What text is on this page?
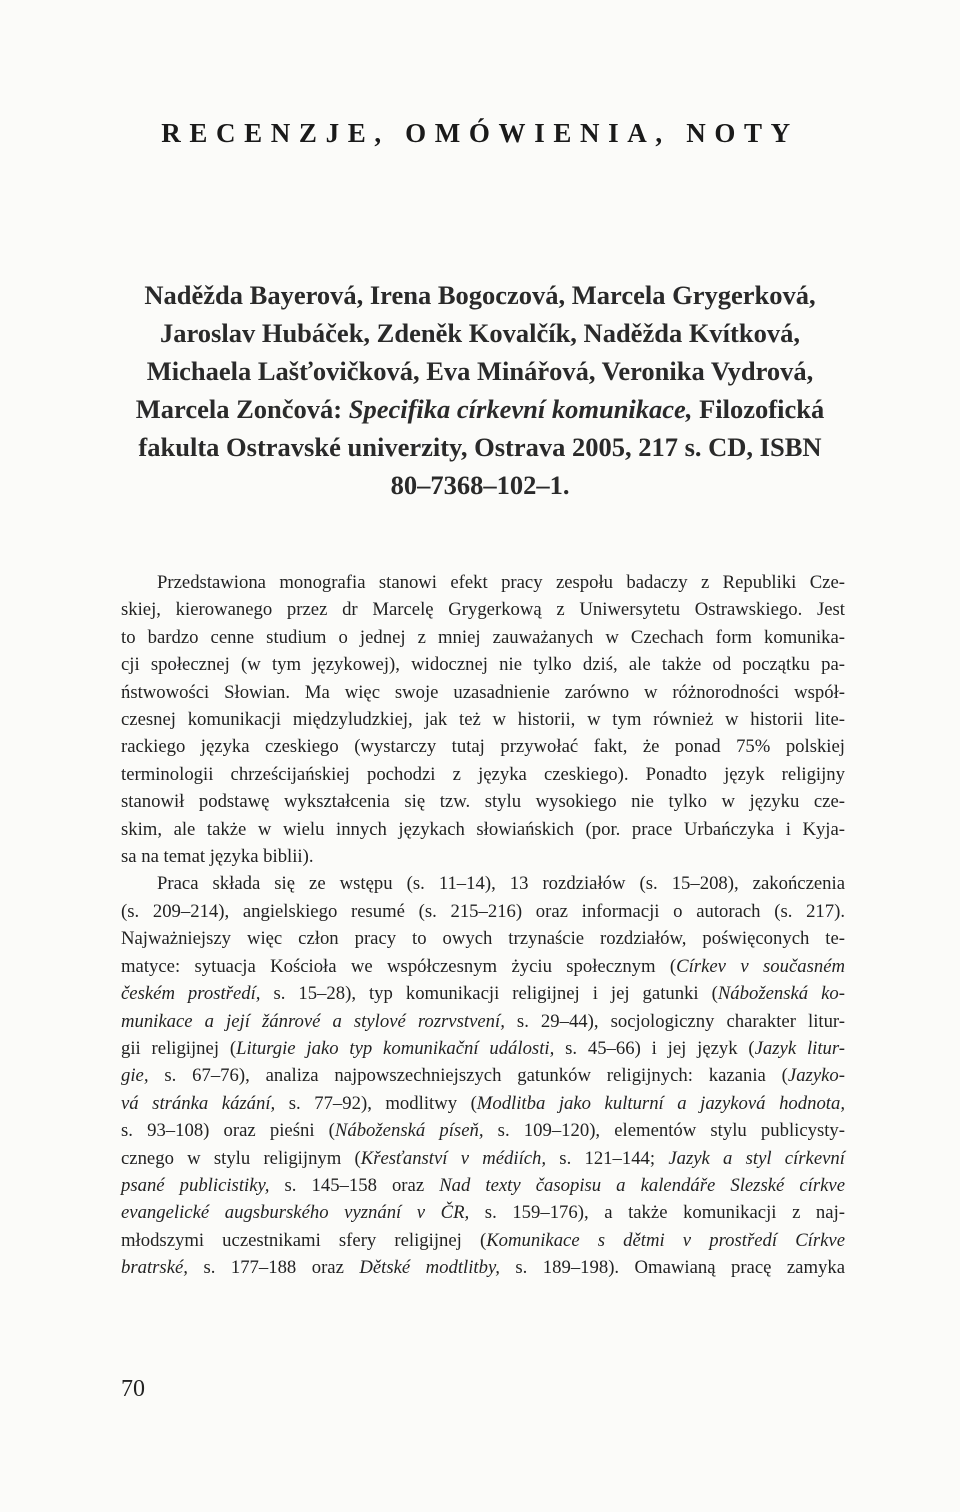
RECENZJE, OMÓWIENIA, NOTY
Naděžda Bayerová, Irena Bogoczová, Marcela Grygerková,
Jaroslav Hubáček, Zdeněk Kovalčík, Naděžda Kvítková,
Michaela Lašťovičková, Eva Minářová, Veronika Vydrová,
Marcela Zončová: Specifika církevní komunikace, Filozofická
fakulta Ostravské univerzity, Ostrava 2005, 217 s. CD, ISBN
80–7368–102–1.

Przedstawiona monografia stanowi efekt pracy zespołu badaczy z Republiki Cze-
skiej, kierowanego przez dr Marcelę Grygerkową z Uniwersytetu Ostrawskiego. Jest
to bardzo cenne studium o jednej z mniej zauważanych w Czechach form komunika-
cji społecznej (w tym językowej), widocznej nie tylko dziś, ale także od początku pa-
ństwowości Słowian. Ma więc swoje uzasadnienie zarówno w różnorodności współ-
czesnej komunikacji międzyludzkiej, jak też w historii, w tym również w historii lite-
rackiego języka czeskiego (wystarczy tutaj przywołać fakt, że ponad 75% polskiej
terminologii chrześcijańskiej pochodzi z języka czeskiego). Ponadto język religijny
stanowił podstawę wykształcenia się tzw. stylu wysokiego nie tylko w języku cze-
skim, ale także w wielu innych językach słowiańskich (por. prace Urbańczyka i Kyja-
sa na temat języka biblii).

Praca składa się ze wstępu (s. 11–14), 13 rozdziałów (s. 15–208), zakończenia
(s. 209–214), angielskiego resumé (s. 215–216) oraz informacji o autorach (s. 217).
Najważniejszy więc człon pracy to owych trzynaście rozdziałów, poświęconych te-
matyce: sytuacja Kościoła we współczesnym życiu społecznym (Církev v současném
českém prostředí, s. 15–28), typ komunikacji religijnej i jej gatunki (Náboženská ko-
munikace a její žánrové a stylové rozrvstvení, s. 29–44), socjologiczny charakter litur-
gii religijnej (Liturgie jako typ komunikační události, s. 45–66) i jej język (Jazyk litur-
gie, s. 67–76), analiza najpowszechniejszych gatunków religijnych: kazania (Jazyko-
vá stránka kázání, s. 77–92), modlitwy (Modlitba jako kulturní a jazyková hodnota,
s. 93–108) oraz pieśni (Náboženská píseň, s. 109–120), elementów stylu publicysty-
cznego w stylu religijnym (Křesťanství v médiích, s. 121–144; Jazyk a styl církevní
psané publicistiky, s. 145–158 oraz Nad texty časopisu a kalendáře Slezské církve
evangelické augsburského vyznání v ČR, s. 159–176), a także komunikacji z naj-
młodszymi uczestnikami sfery religijnej (Komunikace s dětmi v prostředí Církve
bratrské, s. 177–188 oraz Dětské modtlitby, s. 189–198). Omawianą pracę zamyka

70
